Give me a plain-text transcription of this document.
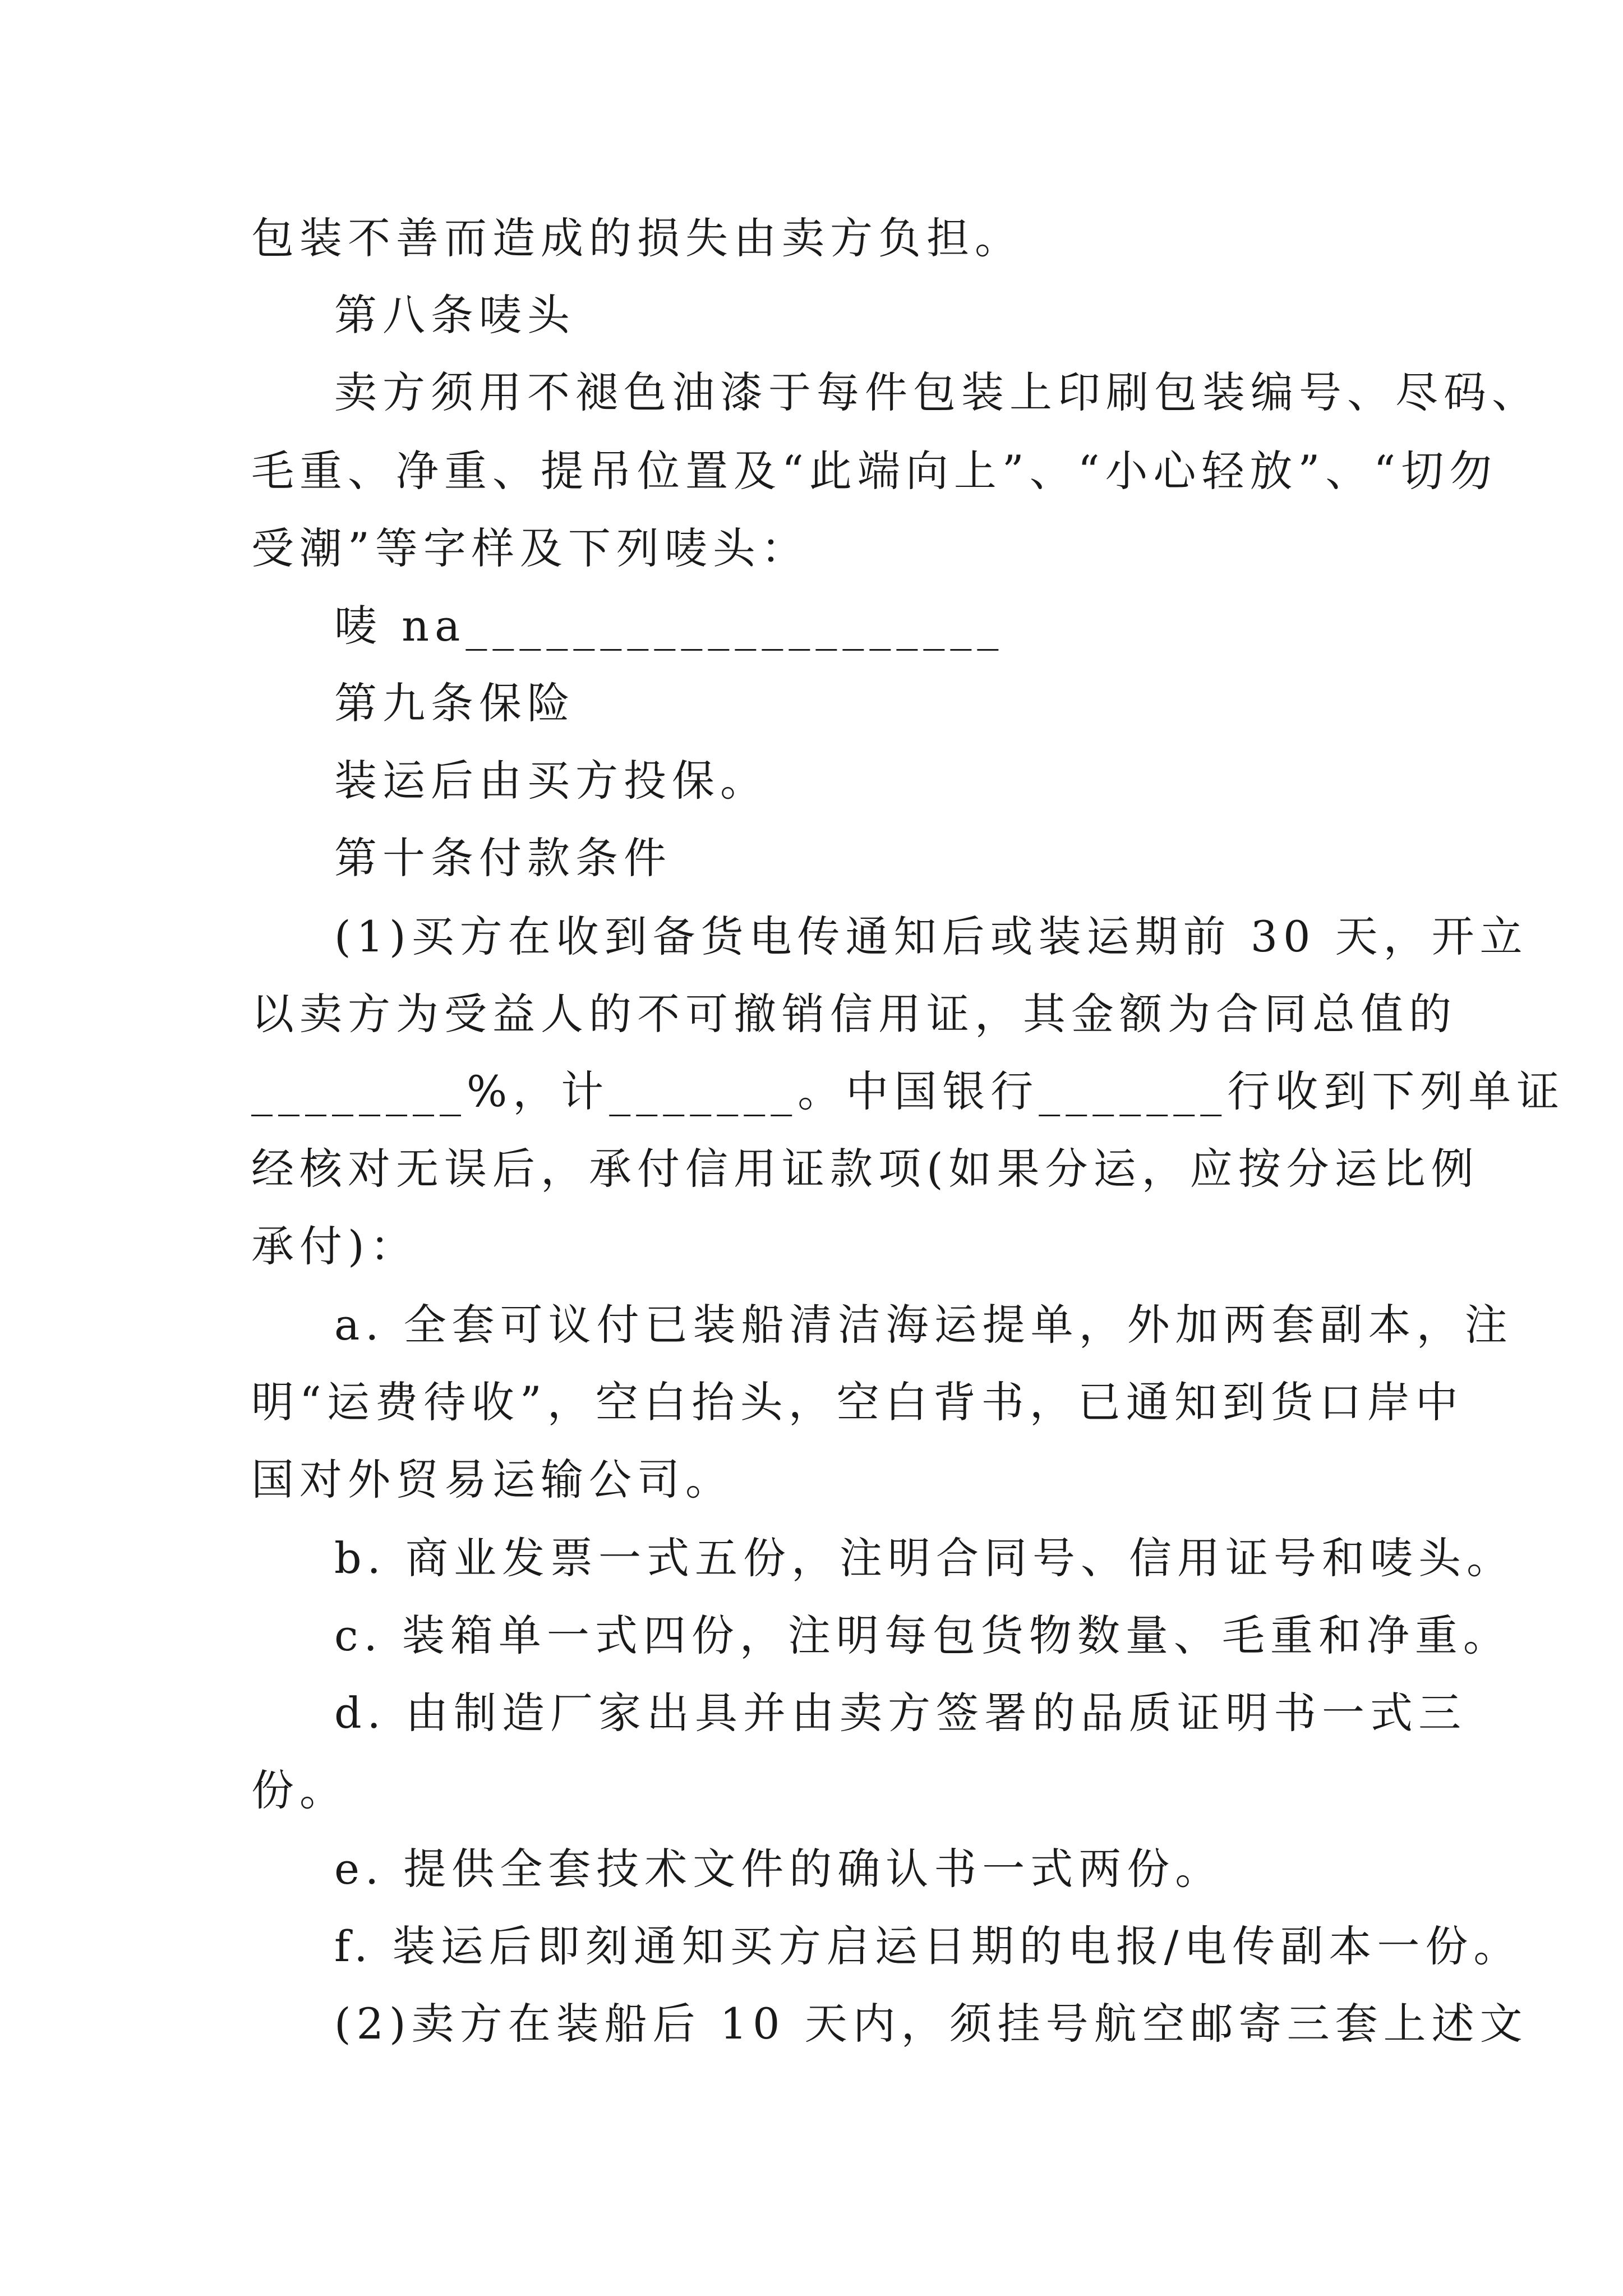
包装不善而造成的损失由卖方负担。
第八条唛头
卖方须用不褪色油漆于每件包装上印刷包装编号、尽码、
毛重、净重、提吊位置及“此端向上”、“小心轻放”、“切勿
受潮”等字样及下列唛头：
唛 na____________________
第九条保险
装运后由买方投保。
第十条付款条件
(1)买方在收到备货电传通知后或装运期前 30 天，开立
以卖方为受益人的不可撤销信用证，其金额为合同总值的
________%，计_______。中国银行_______行收到下列单证
经核对无误后，承付信用证款项(如果分运，应按分运比例
承付)：
a. 全套可议付已装船清洁海运提单，外加两套副本，注
明“运费待收”，空白抬头，空白背书，已通知到货口岸中
国对外贸易运输公司。
b. 商业发票一式五份，注明合同号、信用证号和唛头。
c. 装箱单一式四份，注明每包货物数量、毛重和净重。
d. 由制造厂家出具并由卖方签署的品质证明书一式三
份。
e. 提供全套技术文件的确认书一式两份。
f. 装运后即刻通知买方启运日期的电报/电传副本一份。
(2)卖方在装船后 10 天内，须挂号航空邮寄三套上述文
